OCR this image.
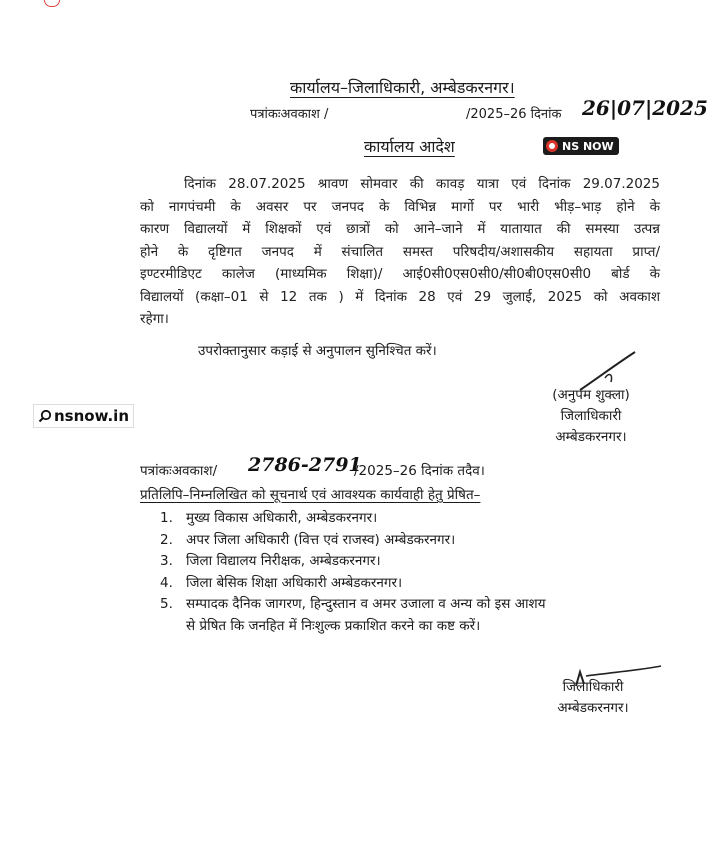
कार्यालय–जिलाधिकारी, अम्बेडकरनगर।
पत्रांकःअवकाश /	/2025–26 दिनांक 26|07|2025
कार्यालय आदेश	NS NOW
दिनांक 28.07.2025 श्रावण सोमवार की कावड़ यात्रा एवं दिनांक 29.07.2025
को नागपंचमी के अवसर पर जनपद के विभिन्न मार्गो पर भारी भीड़–भाड़ होने के
कारण विद्यालयों में शिक्षकों एवं छात्रों को आने–जाने में यातायात की समस्या उत्पन्न
होने के दृष्टिगत जनपद में संचालित समस्त परिषदीय/अशासकीय सहायता प्राप्त/
इण्टरमीडिएट कालेज (माध्यमिक शिक्षा)/ आई0सी0एस0सी0/सी0बी0एस0सी0 बोर्ड के
विद्यालयों (कक्षा–01 से 12 तक ) में दिनांक 28 एवं 29 जुलाई, 2025 को अवकाश
रहेगा।
उपरोक्तानुसार कड़ाई से अनुपालन सुनिश्चित करें।
(अनुपम शुक्ला)
जिलाधिकारी
अम्बेडकरनगर।
nsnow.in
पत्रांकःअवकाश/ 2786-2791
/2025–26 दिनांक तदैव।
प्रतिलिपि–निम्नलिखित को सूचनार्थ एवं आवश्यक कार्यवाही हेतु प्रेषित–
1. मुख्य विकास अधिकारी, अम्बेडकरनगर।
2. अपर जिला अधिकारी (वित्त एवं राजस्व) अम्बेडकरनगर।
3. जिला विद्यालय निरीक्षक, अम्बेडकरनगर।
4. जिला बेसिक शिक्षा अधिकारी अम्बेडकरनगर।
5. सम्पादक दैनिक जागरण, हिन्दुस्तान व अमर उजाला व अन्य को इस आशय
से प्रेषित कि जनहित में निःशुल्क प्रकाशित करने का कष्ट करें।
जिलाधिकारी
अम्बेडकरनगर।
